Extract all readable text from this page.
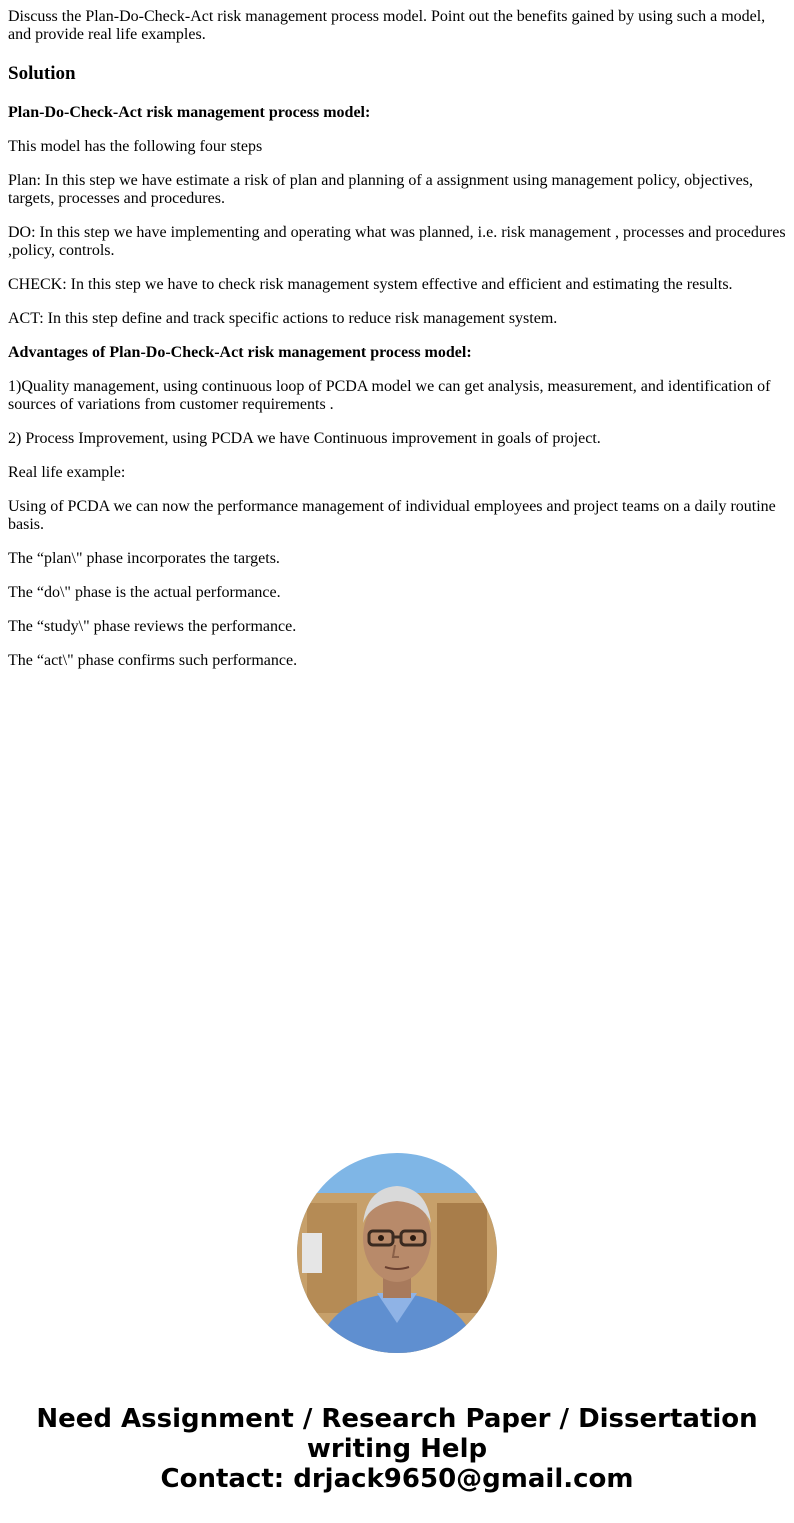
Discuss the Plan-Do-Check-Act risk management process model. Point out the benefits gained by using such a model, and provide real life examples.

Solution

Plan-Do-Check-Act risk management process model:

This model has the following four steps

Plan: In this step we have estimate a risk of plan and planning of a assignment using management policy, objectives, targets, processes and procedures.

DO: In this step we have implementing and operating what was planned, i.e. risk management , processes and procedures ,policy, controls.

CHECK: In this step we have to check risk management system effective and efficient and estimating the results.

ACT: In this step define and track specific actions to reduce risk management system.

Advantages of Plan-Do-Check-Act risk management process model:

1)Quality management, using continuous loop of PCDA model we can get analysis, measurement, and identification of sources of variations from customer requirements .

2) Process Improvement, using PCDA we have Continuous improvement in goals of project.

Real life example:

Using of PCDA we can now the performance management of individual employees and project teams on a daily routine basis.

The “plan\" phase incorporates the targets.

The “do\" phase is the actual performance.

The “study\" phase reviews the performance.

The “act\" phase confirms such performance.

Need Assignment / Research Paper / Dissertation
writing Help
Contact: drjack9650@gmail.com
